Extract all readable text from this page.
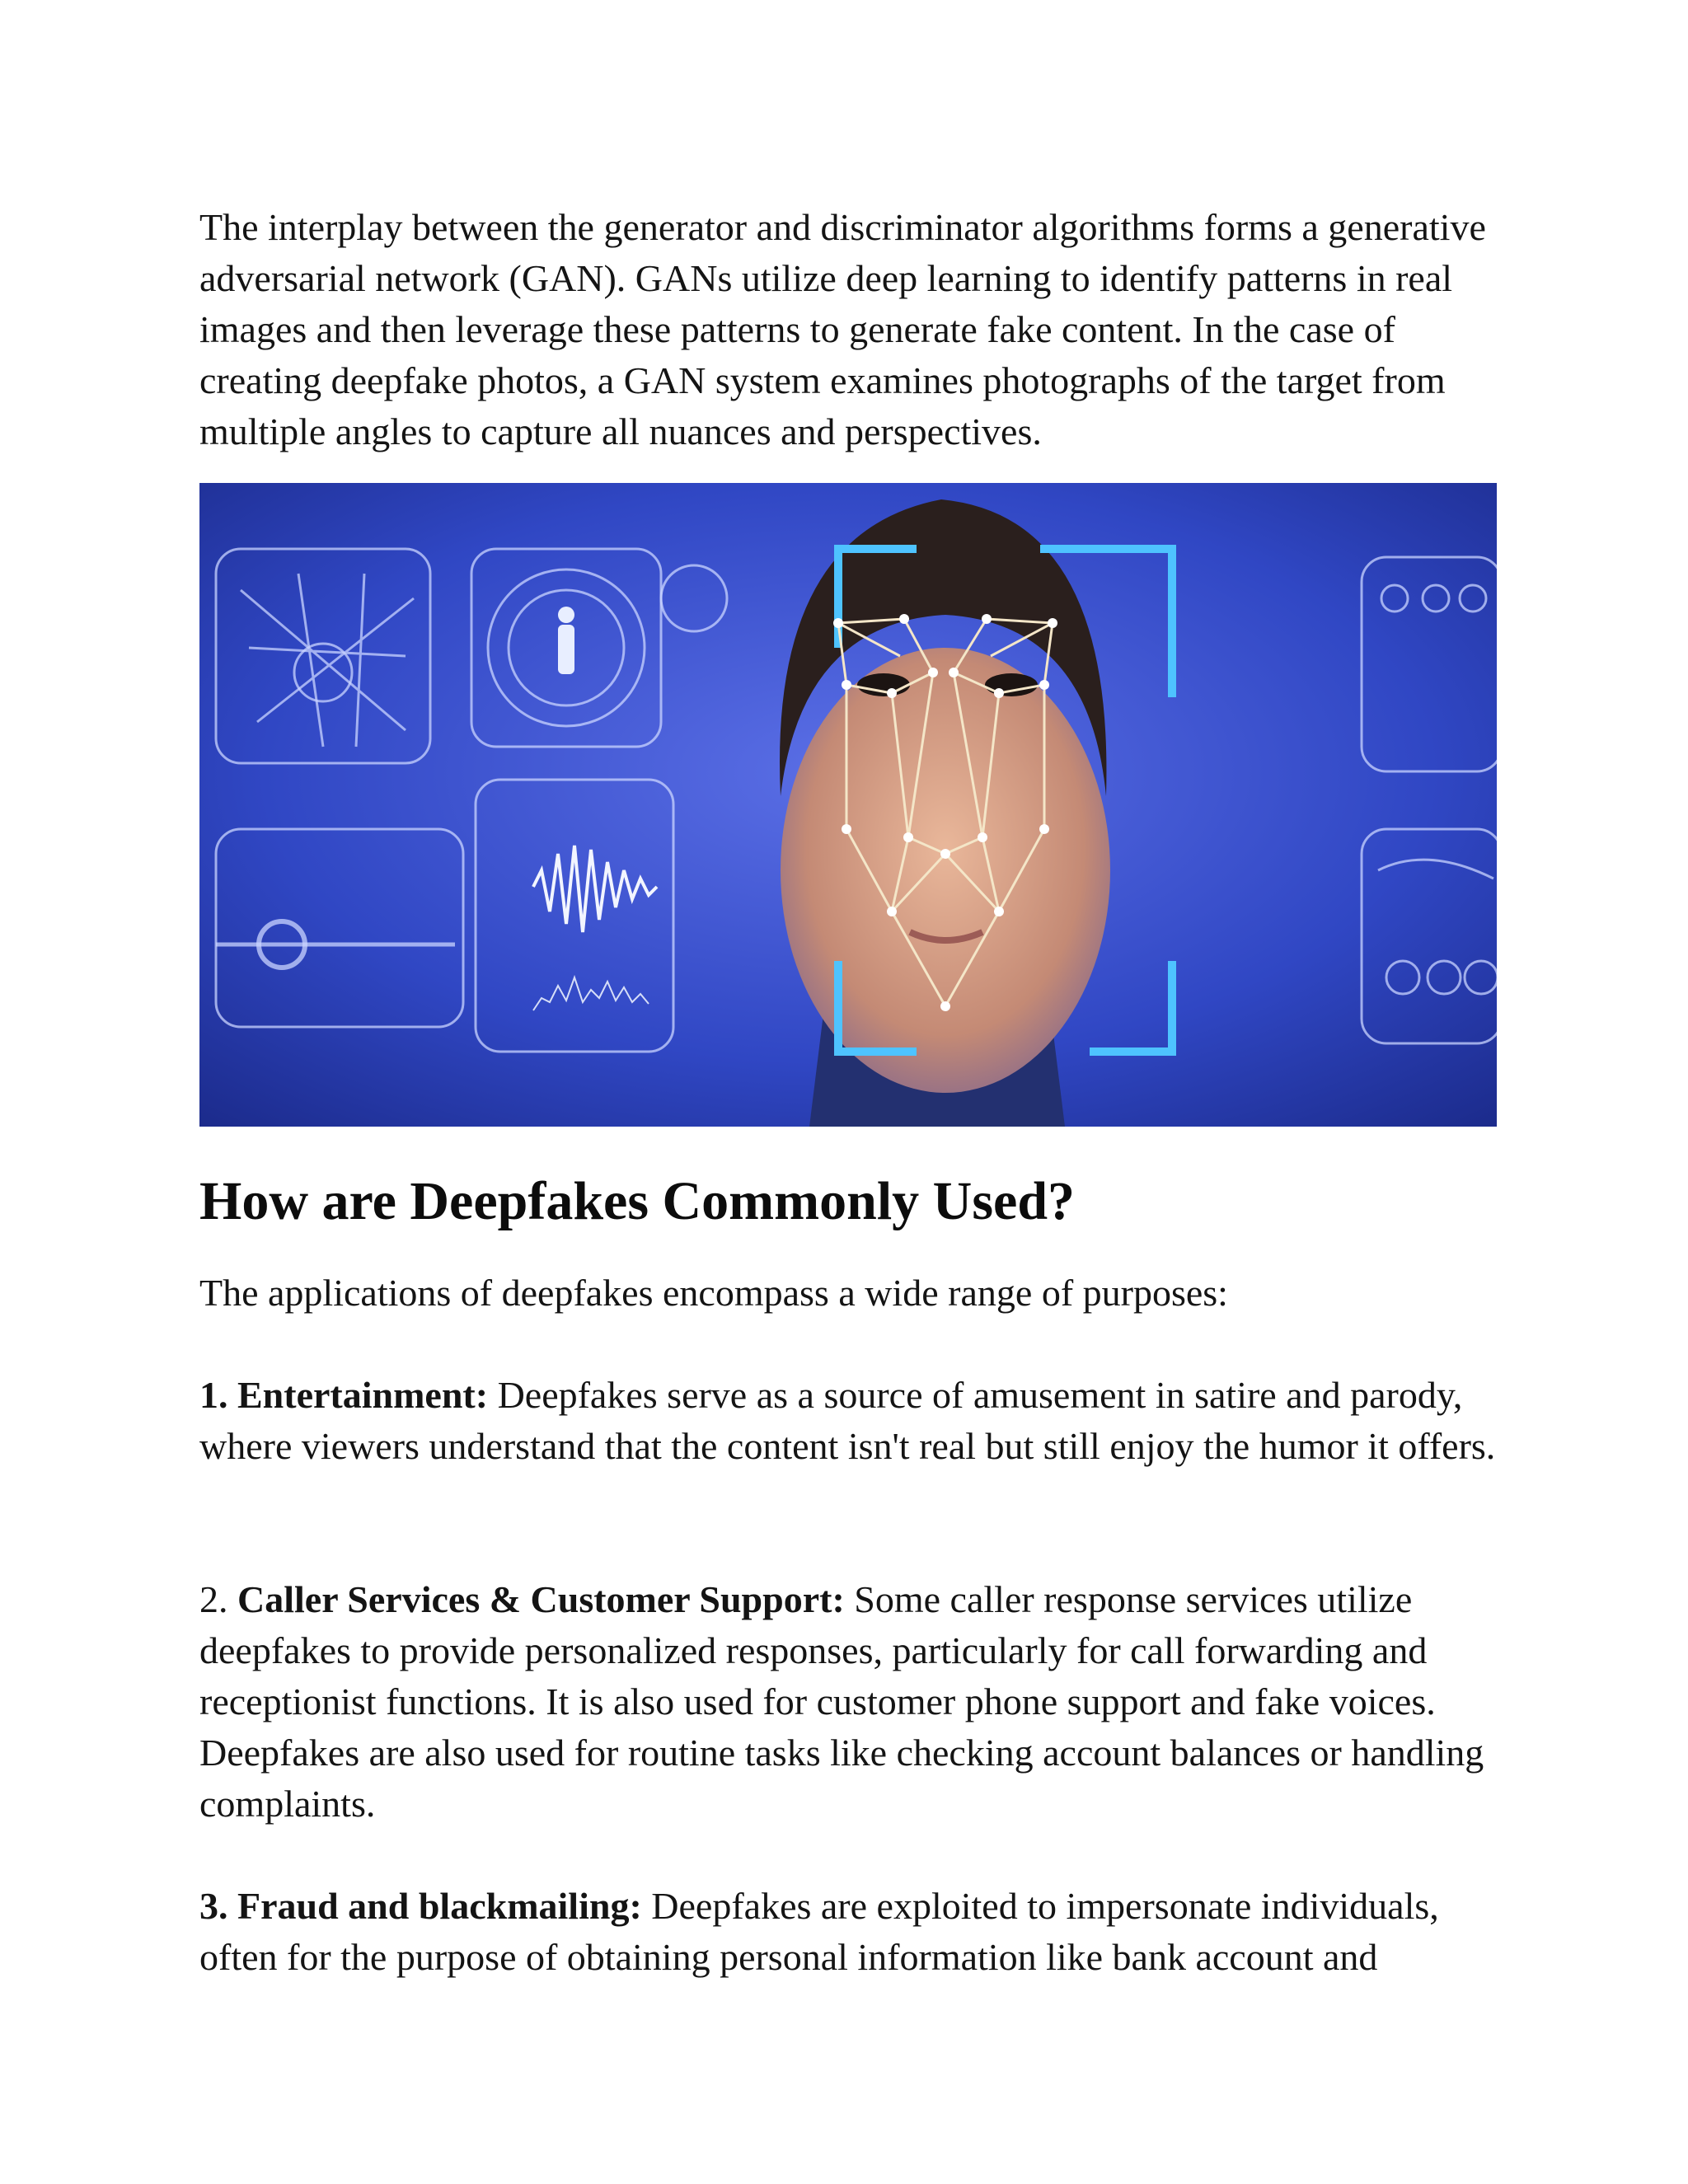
The interplay between the generator and discriminator algorithms forms a generative adversarial network (GAN). GANs utilize deep learning to identify patterns in real images and then leverage these patterns to generate fake content. In the case of creating deepfake photos, a GAN system examines photographs of the target from multiple angles to capture all nuances and perspectives.

How are Deepfakes Commonly Used?

The applications of deepfakes encompass a wide range of purposes:

1. Entertainment: Deepfakes serve as a source of amusement in satire and parody, where viewers understand that the content isn't real but still enjoy the humor it offers.

2. Caller Services & Customer Support: Some caller response services utilize deepfakes to provide personalized responses, particularly for call forwarding and receptionist functions. It is also used for customer phone support and fake voices. Deepfakes are also used for routine tasks like checking account balances or handling complaints.

3. Fraud and blackmailing: Deepfakes are exploited to impersonate individuals, often for the purpose of obtaining personal information like bank account and
